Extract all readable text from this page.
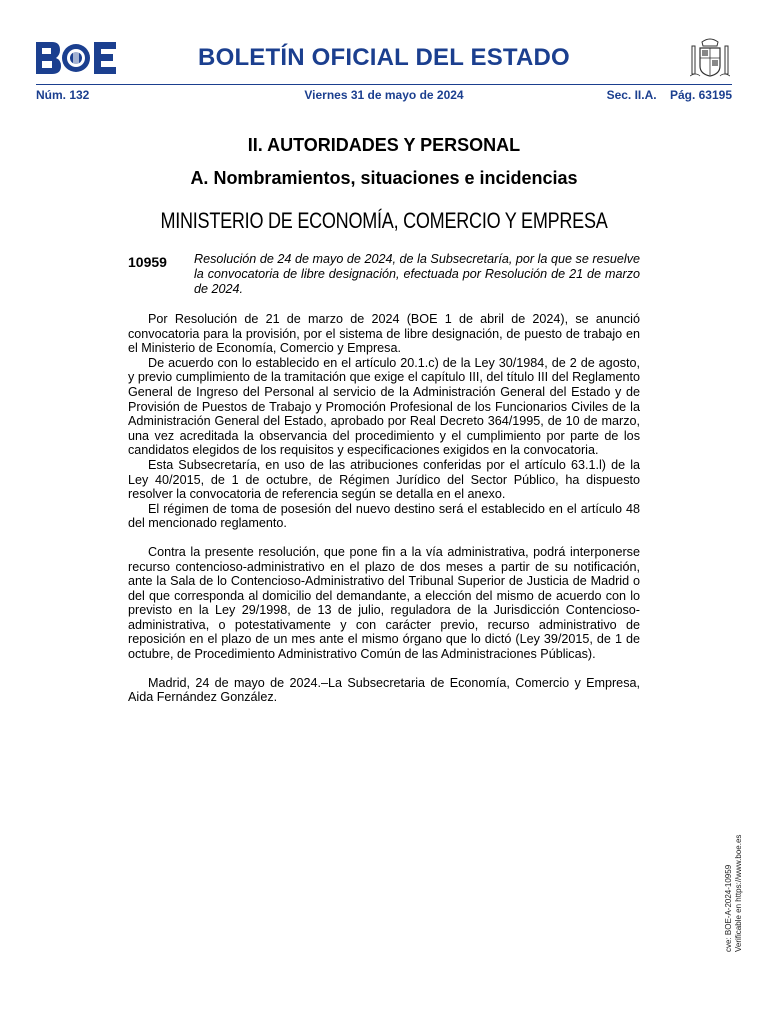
BOLETÍN OFICIAL DEL ESTADO
Núm. 132	Viernes 31 de mayo de 2024	Sec. II.A. Pág. 63195
II. AUTORIDADES Y PERSONAL
A. Nombramientos, situaciones e incidencias
MINISTERIO DE ECONOMÍA, COMERCIO Y EMPRESA
10959 Resolución de 24 de mayo de 2024, de la Subsecretaría, por la que se resuelve la convocatoria de libre designación, efectuada por Resolución de 21 de marzo de 2024.

Por Resolución de 21 de marzo de 2024 (BOE 1 de abril de 2024), se anunció convocatoria para la provisión, por el sistema de libre designación, de puesto de trabajo en el Ministerio de Economía, Comercio y Empresa.

De acuerdo con lo establecido en el artículo 20.1.c) de la Ley 30/1984, de 2 de agosto, y previo cumplimiento de la tramitación que exige el capítulo III, del título III del Reglamento General de Ingreso del Personal al servicio de la Administración General del Estado y de Provisión de Puestos de Trabajo y Promoción Profesional de los Funcionarios Civiles de la Administración General del Estado, aprobado por Real Decreto 364/1995, de 10 de marzo, una vez acreditada la observancia del procedimiento y el cumplimiento por parte de los candidatos elegidos de los requisitos y especificaciones exigidos en la convocatoria.

Esta Subsecretaría, en uso de las atribuciones conferidas por el artículo 63.1.l) de la Ley 40/2015, de 1 de octubre, de Régimen Jurídico del Sector Público, ha dispuesto resolver la convocatoria de referencia según se detalla en el anexo.

El régimen de toma de posesión del nuevo destino será el establecido en el artículo 48 del mencionado reglamento.

Contra la presente resolución, que pone fin a la vía administrativa, podrá interponerse recurso contencioso-administrativo en el plazo de dos meses a partir de su notificación, ante la Sala de lo Contencioso-Administrativo del Tribunal Superior de Justicia de Madrid o del que corresponda al domicilio del demandante, a elección del mismo de acuerdo con lo previsto en la Ley 29/1998, de 13 de julio, reguladora de la Jurisdicción Contencioso-administrativa, o potestativamente y con carácter previo, recurso administrativo de reposición en el plazo de un mes ante el mismo órgano que lo dictó (Ley 39/2015, de 1 de octubre, de Procedimiento Administrativo Común de las Administraciones Públicas).

Madrid, 24 de mayo de 2024.–La Subsecretaria de Economía, Comercio y Empresa, Aida Fernández González.

cve: BOE-A-2024-10959 Verificable en https://www.boe.es
